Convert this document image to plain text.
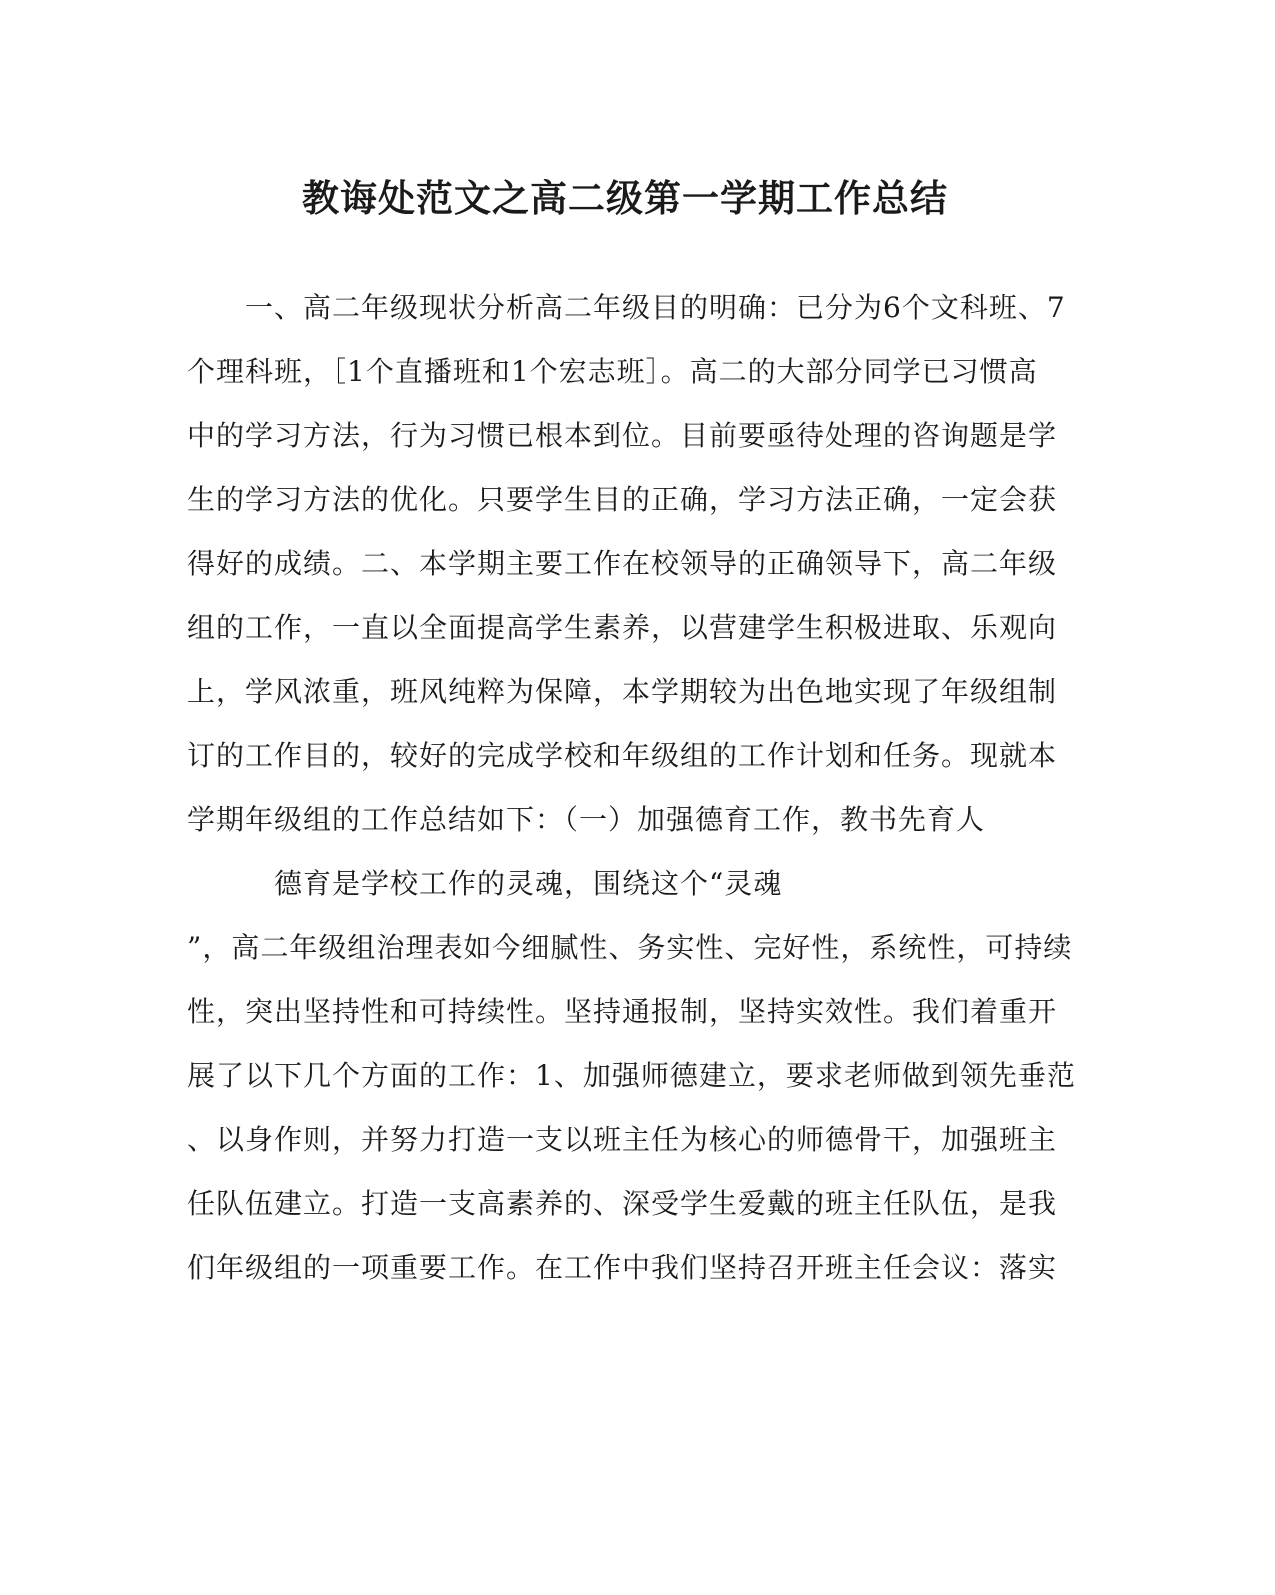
教诲处范文之高二级第一学期工作总结
　　一、高二年级现状分析高二年级目的明确：已分为6个文科班、7
个理科班，［1个直播班和1个宏志班］。高二的大部分同学已习惯高
中的学习方法，行为习惯已根本到位。目前要亟待处理的咨询题是学
生的学习方法的优化。只要学生目的正确，学习方法正确，一定会获
得好的成绩。二、本学期主要工作在校领导的正确领导下，高二年级
组的工作，一直以全面提高学生素养，以营建学生积极进取、乐观向
上，学风浓重，班风纯粹为保障，本学期较为出色地实现了年级组制
订的工作目的，较好的完成学校和年级组的工作计划和任务。现就本
学期年级组的工作总结如下：（一）加强德育工作，教书先育人
　　　德育是学校工作的灵魂，围绕这个“灵魂
”，高二年级组治理表如今细腻性、务实性、完好性，系统性，可持续
性，突出坚持性和可持续性。坚持通报制，坚持实效性。我们着重开
展了以下几个方面的工作：1、加强师德建立，要求老师做到领先垂范
、以身作则，并努力打造一支以班主任为核心的师德骨干，加强班主
任队伍建立。打造一支高素养的、深受学生爱戴的班主任队伍，是我
们年级组的一项重要工作。在工作中我们坚持召开班主任会议：落实
